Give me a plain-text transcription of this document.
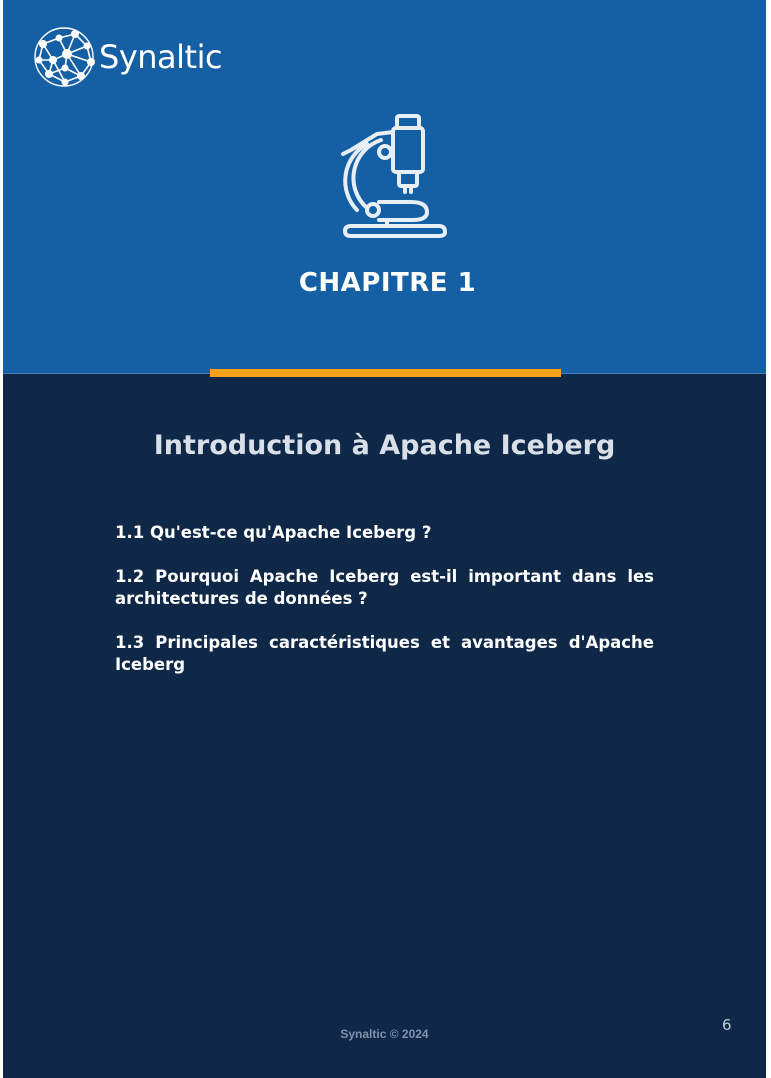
Synaltic
CHAPITRE 1
Introduction à Apache Iceberg
1.1 Qu'est-ce qu'Apache Iceberg ?
1.2 Pourquoi Apache Iceberg est-il important dans les architectures de données ?
1.3 Principales caractéristiques et avantages d'Apache Iceberg
Synaltic © 2024	6
